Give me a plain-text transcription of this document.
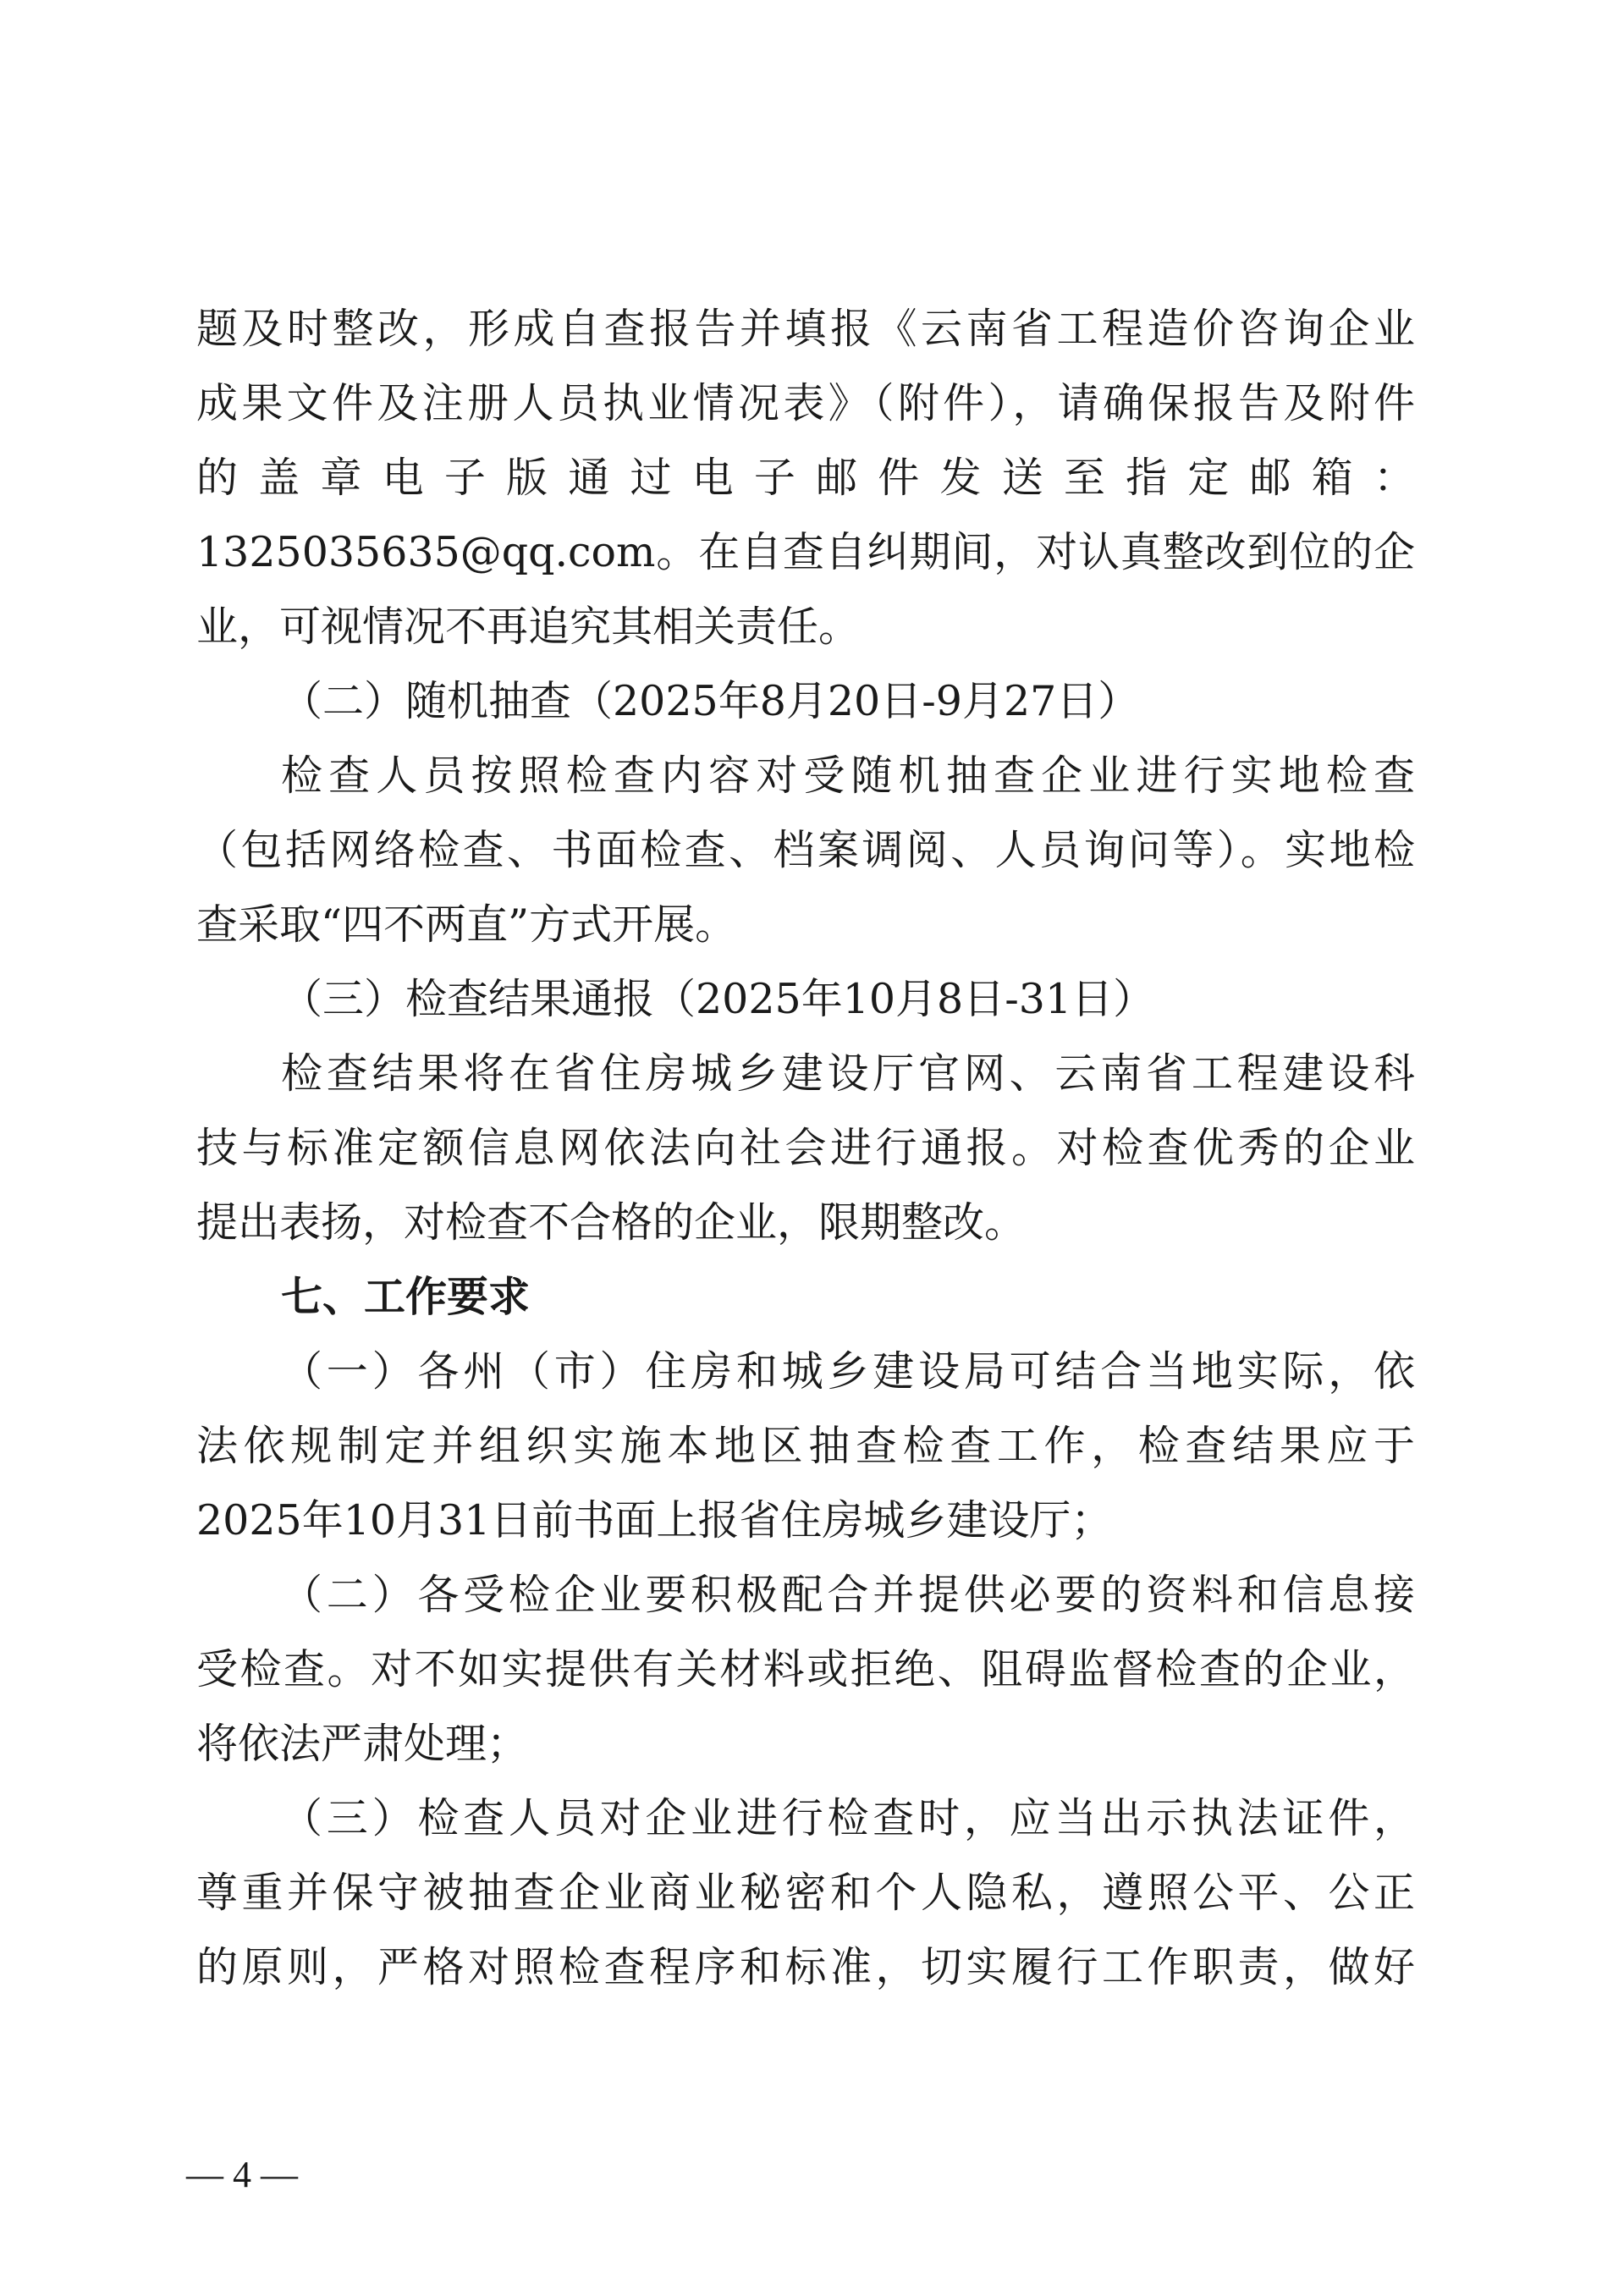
题及时整改，形成自查报告并填报《云南省工程造价咨询企业
成果文件及注册人员执业情况表》（附件），请确保报告及附件
的盖章电子版通过电子邮件发送至指定邮箱：
1325035635@qq.com。在自查自纠期间，对认真整改到位的企
业，可视情况不再追究其相关责任。
（二）随机抽查（2025年8月20日-9月27日）
检查人员按照检查内容对受随机抽查企业进行实地检查
（包括网络检查、书面检查、档案调阅、人员询问等）。实地检
查采取“四不两直”方式开展。
（三）检查结果通报（2025年10月8日-31日）
检查结果将在省住房城乡建设厅官网、云南省工程建设科
技与标准定额信息网依法向社会进行通报。对检查优秀的企业
提出表扬，对检查不合格的企业，限期整改。
七、工作要求
（一）各州（市）住房和城乡建设局可结合当地实际，依
法依规制定并组织实施本地区抽查检查工作，检查结果应于
2025年10月31日前书面上报省住房城乡建设厅；
（二）各受检企业要积极配合并提供必要的资料和信息接
受检查。对不如实提供有关材料或拒绝、阻碍监督检查的企业，
将依法严肃处理；
（三）检查人员对企业进行检查时，应当出示执法证件，
尊重并保守被抽查企业商业秘密和个人隐私，遵照公平、公正
的原则，严格对照检查程序和标准，切实履行工作职责，做好
— 4 —
